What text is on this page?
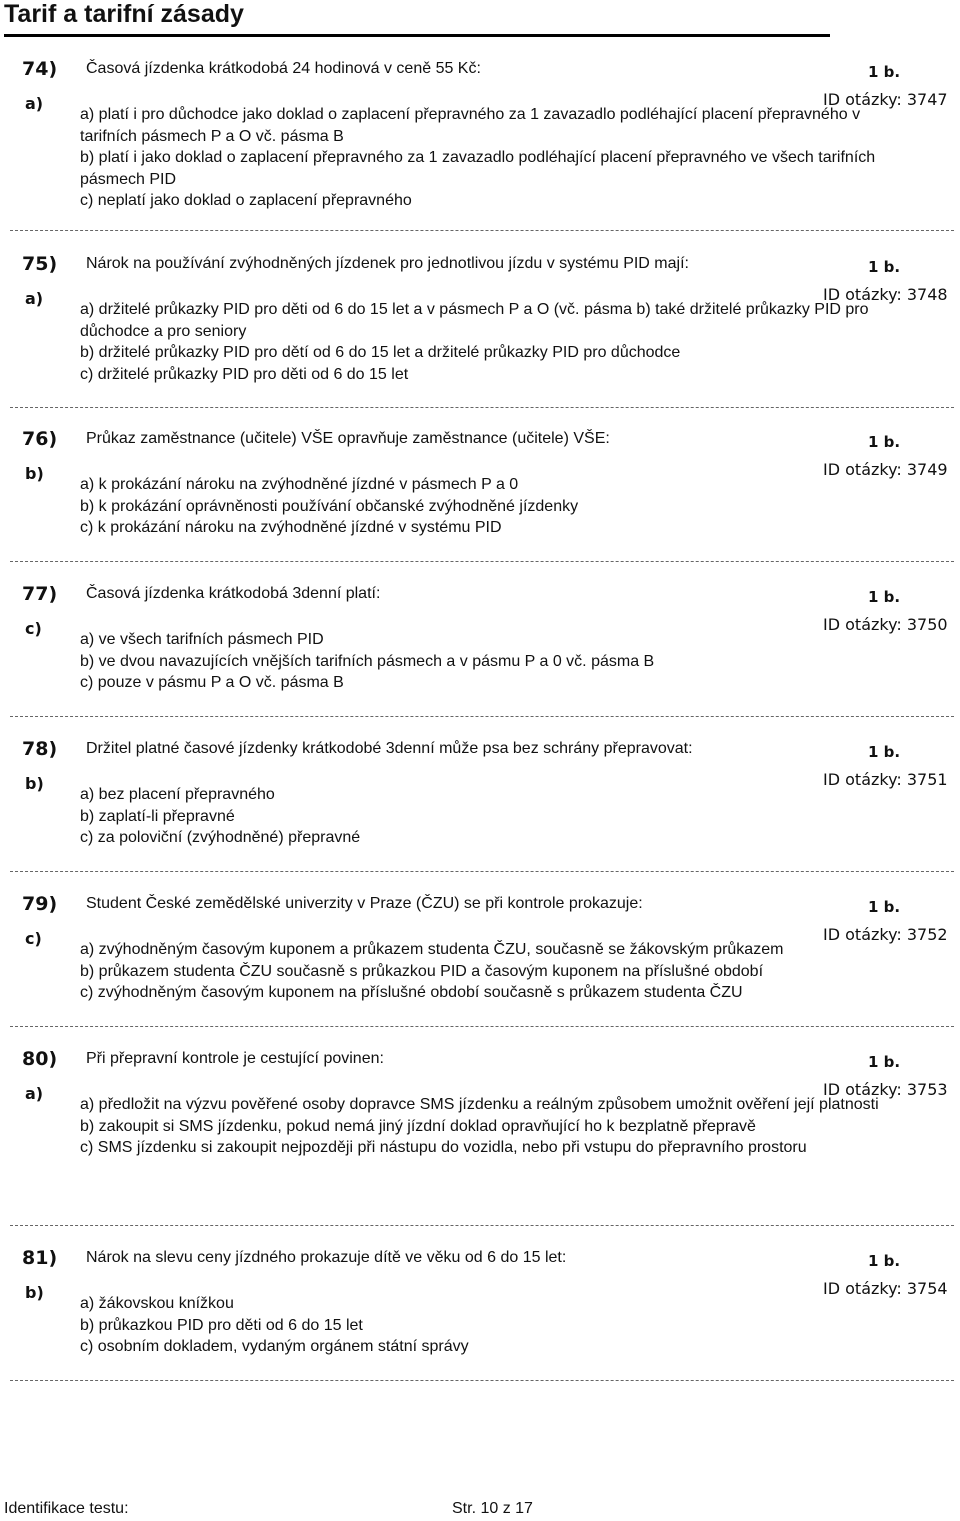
Tarif a tarifní zásady
74)
a)
Časová jízdenka krátkodobá 24 hodinová v ceně 55 Kč:	1 b.
ID otázky: 3747
a) platí i pro důchodce jako doklad o zaplacení přepravného za 1 zavazadlo podléhající placení přepravného v tarifních pásmech P a O vč. pásma B
b) platí i jako doklad o zaplacení přepravného za 1 zavazadlo podléhající placení přepravného ve všech tarifních pásmech PID
c) neplatí jako doklad o zaplacení přepravného
75)
a)
Nárok na používání zvýhodněných jízdenek pro jednotlivou jízdu v systému PID mají:	1 b.
ID otázky: 3748
a) držitelé průkazky PID pro děti od 6 do 15 let a v pásmech P a O (vč. pásma b) také držitelé průkazky PID pro důchodce a pro seniory
b) držitelé průkazky PID pro dětí od 6 do 15 let a držitelé průkazky PID pro důchodce
c) držitelé průkazky PID pro děti od 6 do 15 let
76)
b)
Průkaz zaměstnance (učitele) VŠE opravňuje zaměstnance (učitele) VŠE:	1 b.
ID otázky: 3749
a) k prokázání nároku na zvýhodněné jízdné v pásmech P a 0
b) k prokázání oprávněnosti používání občanské zvýhodněné jízdenky
c) k prokázání nároku na zvýhodněné jízdné v systému PID
77)
c)
Časová jízdenka krátkodobá 3denní platí:	1 b.
ID otázky: 3750
a) ve všech tarifních pásmech PID
b) ve dvou navazujících vnějších tarifních pásmech a v pásmu P a 0 vč. pásma B
c) pouze v pásmu P a O vč. pásma B
78)
b)
Držitel platné časové jízdenky krátkodobé 3denní může psa bez schrány přepravovat:	1 b.
ID otázky: 3751
a) bez placení přepravného
b) zaplatí-li přepravné
c) za poloviční (zvýhodněné) přepravné
79)
c)
Student České zemědělské univerzity v Praze (ČZU) se při kontrole prokazuje:	1 b.
ID otázky: 3752
a) zvýhodněným časovým kuponem a průkazem studenta ČZU, současně se žákovským průkazem
b) průkazem studenta ČZU současně s průkazkou PID a časovým kuponem na příslušné období
c) zvýhodněným časovým kuponem na příslušné období současně s průkazem studenta ČZU
80)
a)
Při přepravní kontrole je cestující povinen:	1 b.
ID otázky: 3753
a) předložit na výzvu pověřené osoby dopravce SMS jízdenku a reálným způsobem umožnit ověření její platnosti
b) zakoupit si SMS jízdenku, pokud nemá jiný jízdní doklad opravňující ho k bezplatně přepravě
c) SMS jízdenku si zakoupit nejpozději při nástupu do vozidla, nebo při vstupu do přepravního prostoru
81)
b)
Nárok na slevu ceny jízdného prokazuje dítě ve věku od 6 do 15 let:	1 b.
ID otázky: 3754
a) žákovskou knížkou
b) průkazkou PID pro děti od 6 do 15 let
c) osobním dokladem, vydaným orgánem státní správy
Identifikace testu:	Str. 10 z 17
